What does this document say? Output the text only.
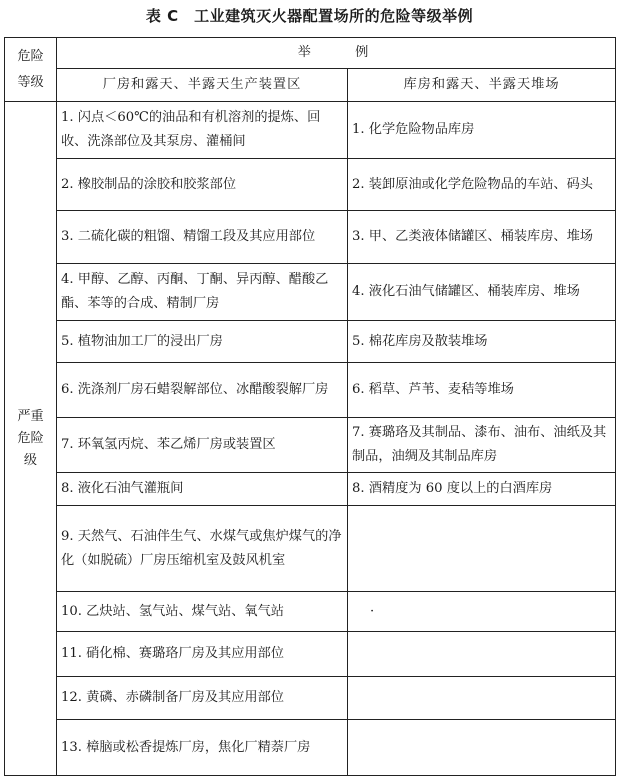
表 C　工业建筑灭火器配置场所的危险等级举例
危险等级	举　　例	
	厂房和露天、半露天生产装置区	库房和露天、半露天堆场

严重危险级	1. 闪点＜60℃的油品和有机溶剂的提炼、回收、洗涤部位及其泵房、灌桶间	1. 化学危险物品库房
	2. 橡胶制品的涂胶和胶浆部位	2. 装卸原油或化学危险物品的车站、码头
	3. 二硫化碳的粗馏、精馏工段及其应用部位	3. 甲、乙类液体储罐区、桶装库房、堆场
	4. 甲醇、乙醇、丙酮、丁酮、异丙醇、醋酸乙酯、苯等的合成、精制厂房	4. 液化石油气储罐区、桶装库房、堆场
	5. 植物油加工厂的浸出厂房	5. 棉花库房及散装堆场
	6. 洗涤剂厂房石蜡裂解部位、冰醋酸裂解厂房	6. 稻草、芦苇、麦秸等堆场
	7. 环氧氢丙烷、苯乙烯厂房或装置区	7. 赛璐珞及其制品、漆布、油布、油纸及其制品，油绸及其制品库房
	8. 液化石油气灌瓶间	8. 酒精度为 60 度以上的白酒库房
	9. 天然气、石油伴生气、水煤气或焦炉煤气的净化（如脱硫）厂房压缩机室及鼓风机室	
	10. 乙炔站、氢气站、煤气站、氧气站	·
	11. 硝化棉、赛璐珞厂房及其应用部位	
	12. 黄磷、赤磷制备厂房及其应用部位	
	13. 樟脑或松香提炼厂房，焦化厂精萘厂房	
